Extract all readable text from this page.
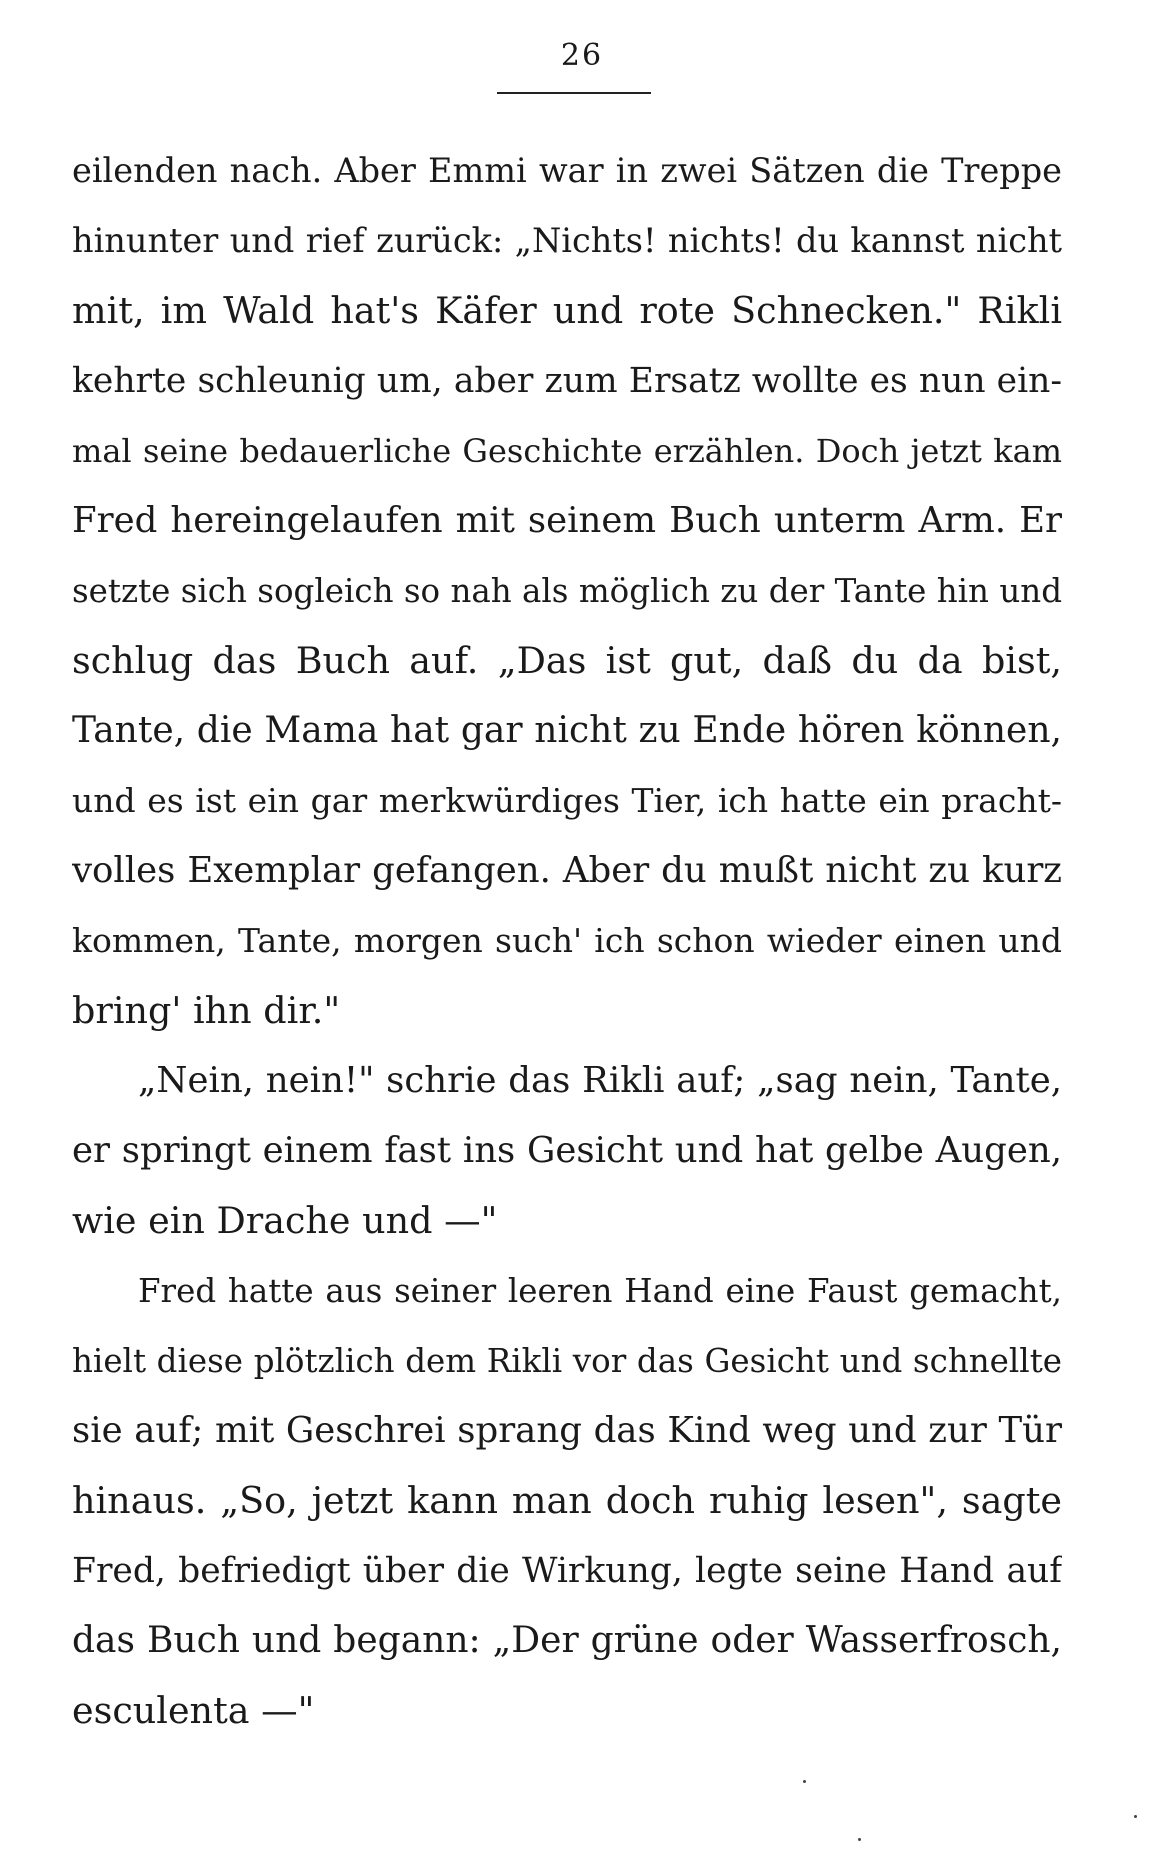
26
eilenden nach. Aber Emmi war in zwei Sätzen die Treppe
hinunter und rief zurück: „Nichts! nichts! du kannst nicht
mit, im Wald hat's Käfer und rote Schnecken." Rikli
kehrte schleunig um, aber zum Ersatz wollte es nun ein-
mal seine bedauerliche Geschichte erzählen. Doch jetzt kam
Fred hereingelaufen mit seinem Buch unterm Arm. Er
setzte sich sogleich so nah als möglich zu der Tante hin und
schlug das Buch auf. „Das ist gut, daß du da bist,
Tante, die Mama hat gar nicht zu Ende hören können,
und es ist ein gar merkwürdiges Tier, ich hatte ein pracht-
volles Exemplar gefangen. Aber du mußt nicht zu kurz
kommen, Tante, morgen such' ich schon wieder einen und
bring' ihn dir."
„Nein, nein!" schrie das Rikli auf; „sag nein, Tante,
er springt einem fast ins Gesicht und hat gelbe Augen,
wie ein Drache und —"
Fred hatte aus seiner leeren Hand eine Faust gemacht,
hielt diese plötzlich dem Rikli vor das Gesicht und schnellte
sie auf; mit Geschrei sprang das Kind weg und zur Tür
hinaus. „So, jetzt kann man doch ruhig lesen", sagte
Fred, befriedigt über die Wirkung, legte seine Hand auf
das Buch und begann: „Der grüne oder Wasserfrosch,
esculenta —"
